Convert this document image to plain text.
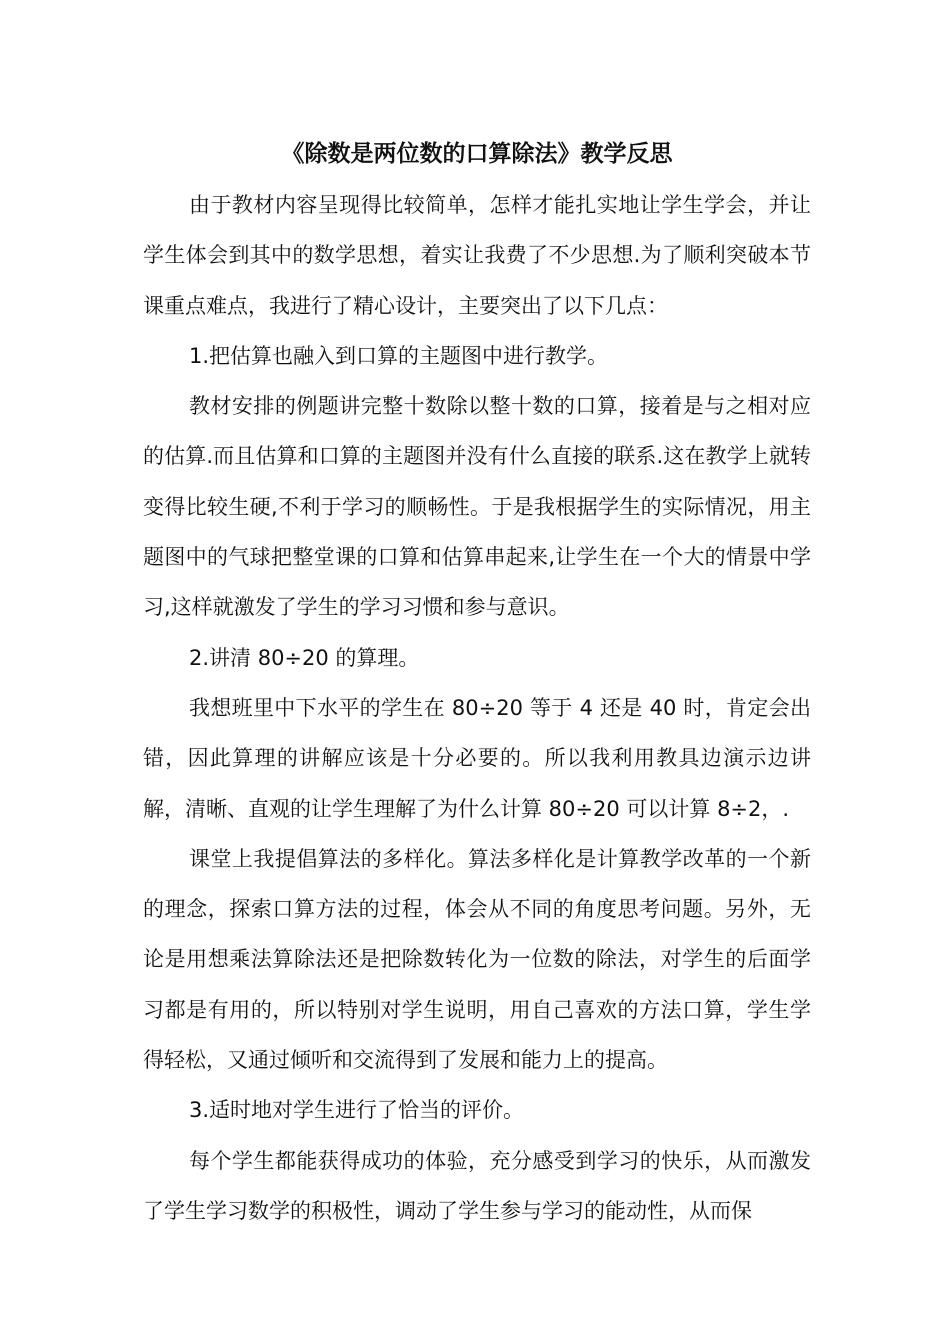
《除数是两位数的口算除法》教学反思

由于教材内容呈现得比较简单，怎样才能扎实地让学生学会，并让学生体会到其中的数学思想，着实让我费了不少思想.为了顺利突破本节课重点难点，我进行了精心设计，主要突出了以下几点：

1.把估算也融入到口算的主题图中进行教学。

教材安排的例题讲完整十数除以整十数的口算，接着是与之相对应的估算.而且估算和口算的主题图并没有什么直接的联系.这在教学上就转变得比较生硬,不利于学习的顺畅性。于是我根据学生的实际情况，用主题图中的气球把整堂课的口算和估算串起来,让学生在一个大的情景中学习,这样就激发了学生的学习习惯和参与意识。

2.讲清 80÷20 的算理。

我想班里中下水平的学生在 80÷20 等于 4 还是 40 时，肯定会出错，因此算理的讲解应该是十分必要的。所以我利用教具边演示边讲解，清晰、直观的让学生理解了为什么计算 80÷20 可以计算 8÷2，.

课堂上我提倡算法的多样化。算法多样化是计算教学改革的一个新的理念，探索口算方法的过程，体会从不同的角度思考问题。另外，无论是用想乘法算除法还是把除数转化为一位数的除法，对学生的后面学习都是有用的，所以特别对学生说明，用自己喜欢的方法口算，学生学得轻松，又通过倾听和交流得到了发展和能力上的提高。

3.适时地对学生进行了恰当的评价。

每个学生都能获得成功的体验，充分感受到学习的快乐，从而激发了学生学习数学的积极性，调动了学生参与学习的能动性，从而保
